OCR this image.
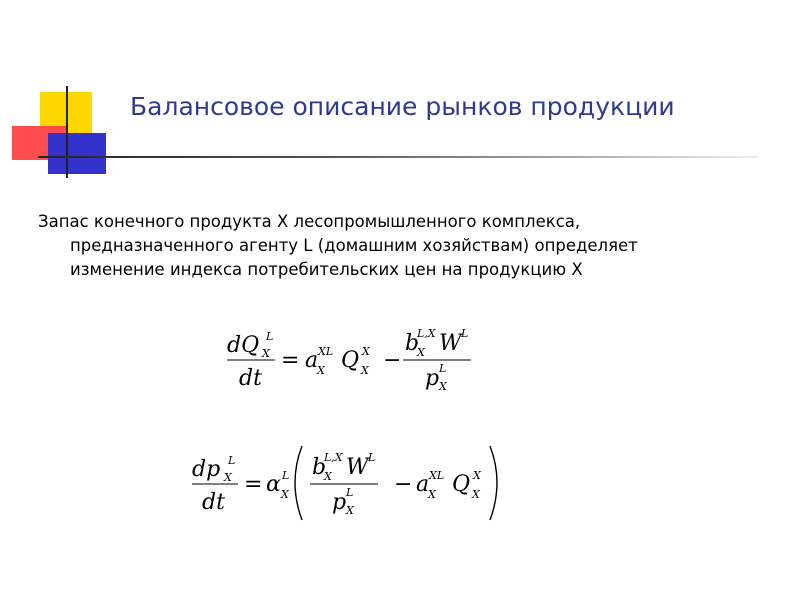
Балансовое описание рынков продукции
Запас конечного продукта X лесопромышленного комплекса,
предназначенного агенту L (домашним хозяйствам) определяет
изменение индекса потребительских цен на продукцию X
dQ L
X
dt
= a XL
X Q X
X −
b
L,X
X W L
p L
X
dp L
X
dt
= α L
X
b
L,X
X W L
p L
X
− a XL
X Q X
X
